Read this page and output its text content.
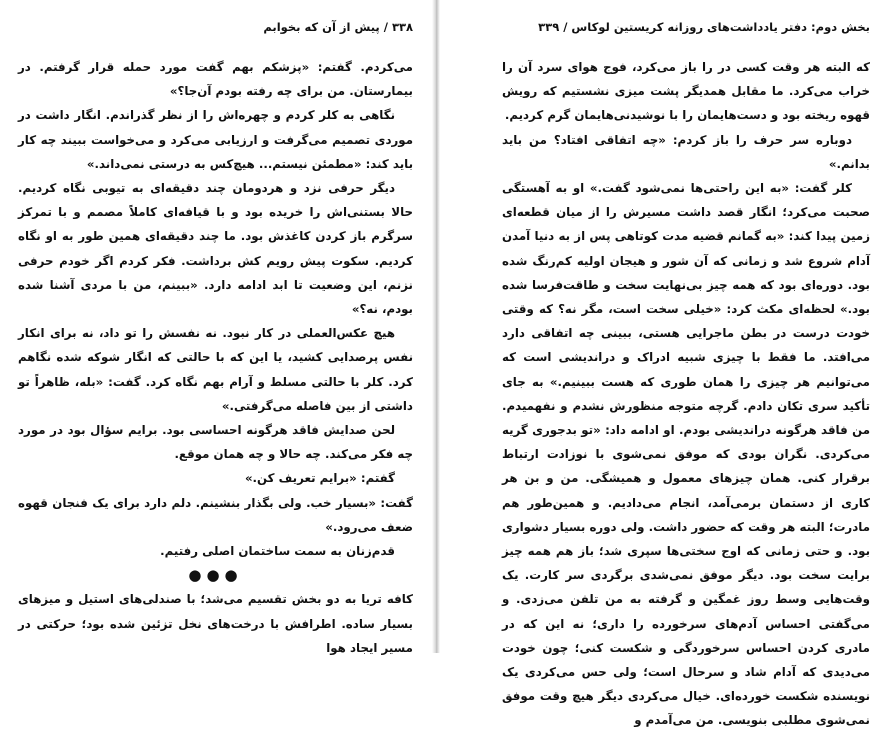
۳۳۸ / پیش از آن که بخوابم

می‌کردم. گفتم: «پزشکم بهم گفت مورد حمله قرار گرفتم. در بیمارستان. من برای چه رفته بودم آن‌جا؟»

نگاهی به کلر کردم و چهره‌اش را از نظر گذراندم. انگار داشت در موردی تصمیم می‌گرفت و ارزیابی می‌کرد و می‌خواست ببیند چه کار باید کند: «مطمئن نیستم... هیچ‌کس به درستی نمی‌داند.»

دیگر حرفی نزد و هردومان چند دقیقه‌ای به تیوبی نگاه کردیم. حالا بستنی‌اش را خریده بود و با قیافه‌ای کاملاً مصمم و با تمرکز سرگرم باز کردن کاغذش بود. ما چند دقیقه‌ای همین طور به او نگاه کردیم. سکوت پیش رویم کش برداشت. فکر کردم اگر خودم حرفی نزنم، این وضعیت تا ابد ادامه دارد. «ببینم، من با مردی آشنا شده بودم، نه؟»

هیچ عکس‌العملی در کار نبود. نه نفسش را تو داد، نه برای انکار نفس پرصدایی کشید، یا این که با حالتی که انگار شوکه شده نگاهم کرد. کلر با حالتی مسلط و آرام بهم نگاه کرد. گفت: «بله، ظاهراً تو داشتی از بین فاصله می‌گرفتی.»

لحن صدایش فاقد هرگونه احساسی بود. برایم سؤال بود در مورد چه فکر می‌کند. چه حالا و چه همان موقع.

گفتم: «برایم تعریف کن.»

گفت: «بسیار خب. ولی بگذار بنشینم. دلم دارد برای یک فنجان قهوه ضعف می‌رود.»

قدم‌زنان به سمت ساختمان اصلی رفتیم.

●●●

کافه تریا به دو بخش تقسیم می‌شد؛ با صندلی‌های استیل و میزهای بسیار ساده. اطرافش با درخت‌های نخل تزئین شده بود؛ حرکتی در مسیر ایجاد هوا

بخش دوم: دفتر یادداشت‌های روزانه کریستین لوکاس / ۳۳۹

که البته هر وقت کسی در را باز می‌کرد، فوج هوای سرد آن را خراب می‌کرد. ما مقابل همدیگر پشت میزی نشستیم که رویش قهوه ریخته بود و دست‌هایمان را با نوشیدنی‌هایمان گرم کردیم.

دوباره سر حرف را باز کردم: «چه اتفاقی افتاد؟ من باید بدانم.»

کلر گفت: «به این راحتی‌ها نمی‌شود گفت.» او به آهستگی صحبت می‌کرد؛ انگار قصد داشت مسیرش را از میان قطعه‌ای زمین پیدا کند: «به گمانم قضیه مدت کوتاهی پس از به دنیا آمدن آدام شروع شد و زمانی که آن شور و هیجان اولیه کم‌رنگ شده بود. دوره‌ای بود که همه چیز بی‌نهایت سخت و طاقت‌فرسا شده بود.» لحظه‌ای مکث کرد: «خیلی سخت است، مگر نه؟ که وقتی خودت درست در بطن ماجرایی هستی، ببینی چه اتفاقی دارد می‌افتد. ما فقط با چیزی شبیه ادراک و دراندیشی است که می‌توانیم هر چیزی را همان طوری که هست ببینیم.» به جای تأکید سری تکان دادم. گرچه متوجه منظورش نشدم و نفهمیدم. من فاقد هرگونه دراندیشی بودم. او ادامه داد: «تو بدجوری گریه می‌کردی. نگران بودی که موفق نمی‌شوی با نوزادت ارتباط برقرار کنی. همان چیزهای معمول و همیشگی. من و بن هر کاری از دستمان برمی‌آمد، انجام می‌دادیم. و همین‌طور هم مادرت؛ البته هر وقت که حضور داشت. ولی دوره بسیار دشواری بود. و حتی زمانی که اوج سختی‌ها سپری شد؛ باز هم همه چیز برایت سخت بود. دیگر موفق نمی‌شدی برگردی سر کارت. یک وقت‌هایی وسط روز غمگین و گرفته به من تلفن می‌زدی. و می‌گفتی احساس آدم‌های سرخورده را داری؛ نه این که در مادری کردن احساس سرخوردگی و شکست کنی؛ چون خودت می‌دیدی که آدام شاد و سرحال است؛ ولی حس می‌کردی یک نویسنده شکست خورده‌ای. خیال می‌کردی دیگر هیچ وقت موفق نمی‌شوی مطلبی بنویسی. من می‌آمدم و
